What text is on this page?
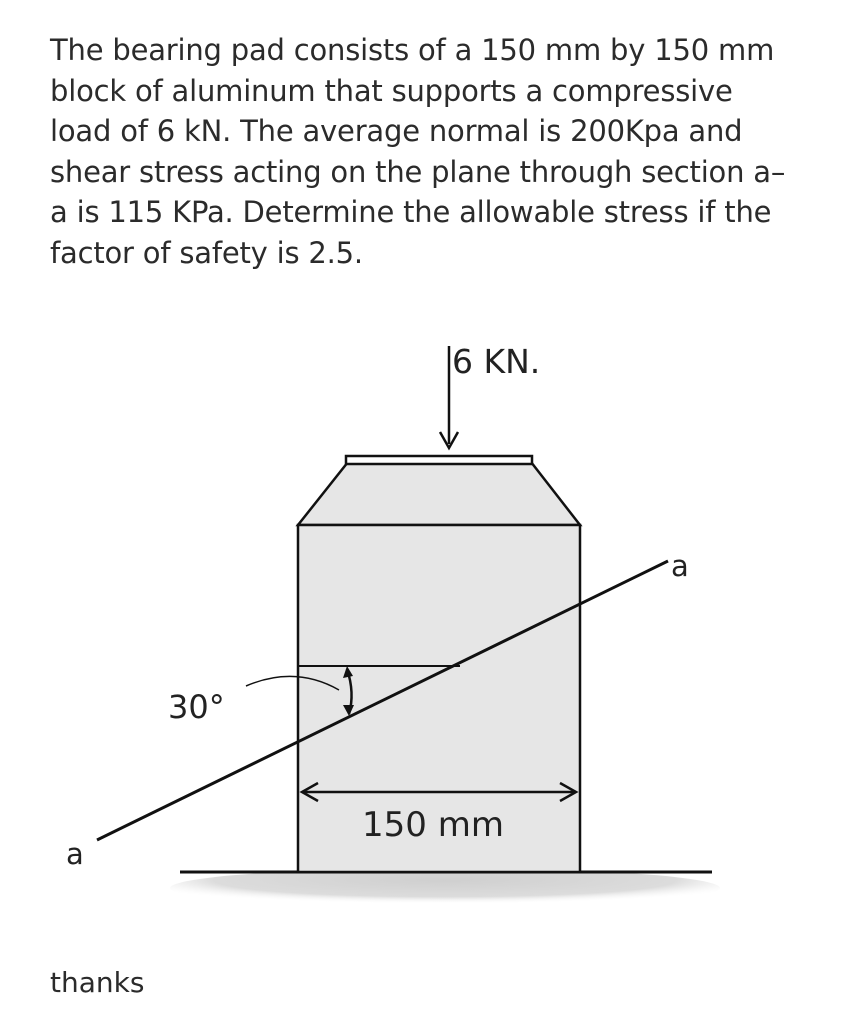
The bearing pad consists of a 150 mm by 150 mm
block of aluminum that supports a compressive
load of 6 kN. The average normal is 200Kpa and
shear stress acting on the plane through section a–
a is 115 KPa. Determine the allowable stress if the
factor of safety is 2.5.
6 KN.
30°
150 mm
a
a
thanks
